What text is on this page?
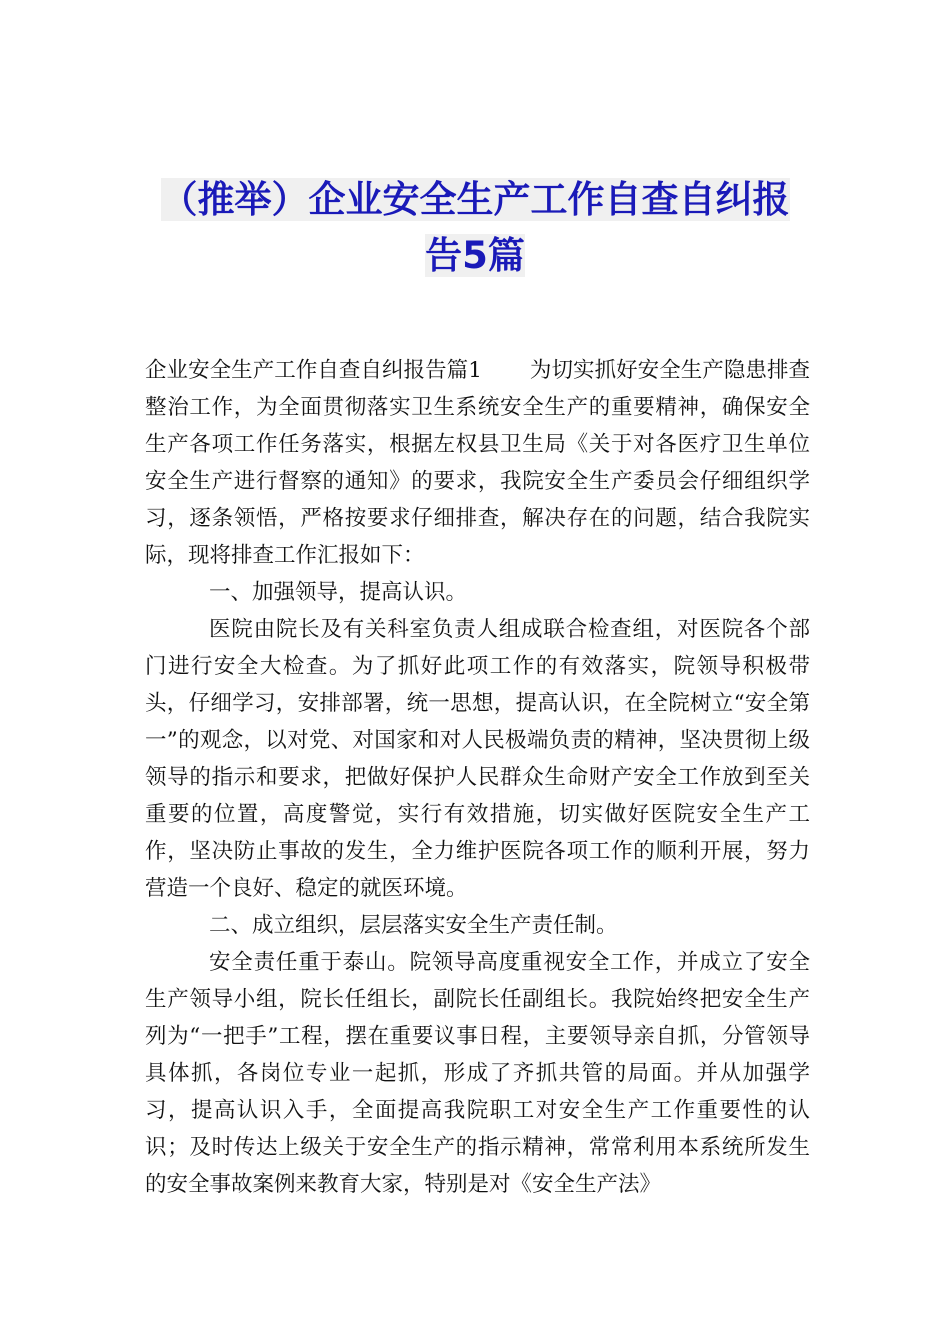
（推举）企业安全生产工作自查自纠报
告5篇

企业安全生产工作自查自纠报告篇1 为切实抓好安全生产隐患排查整治工作，为全面贯彻落实卫生系统安全生产的重要精神，确保安全生产各项工作任务落实，根据左权县卫生局《关于对各医疗卫生单位安全生产进行督察的通知》的要求，我院安全生产委员会仔细组织学习，逐条领悟，严格按要求仔细排查，解决存在的问题，结合我院实际，现将排查工作汇报如下：

一、加强领导，提高认识。

医院由院长及有关科室负责人组成联合检查组，对医院各个部门进行安全大检查。为了抓好此项工作的有效落实，院领导积极带头，仔细学习，安排部署，统一思想，提高认识，在全院树立“安全第一”的观念，以对党、对国家和对人民极端负责的精神，坚决贯彻上级领导的指示和要求，把做好保护人民群众生命财产安全工作放到至关重要的位置，高度警觉，实行有效措施，切实做好医院安全生产工作，坚决防止事故的发生，全力维护医院各项工作的顺利开展，努力营造一个良好、稳定的就医环境。

二、成立组织，层层落实安全生产责任制。

安全责任重于泰山。院领导高度重视安全工作，并成立了安全生产领导小组，院长任组长，副院长任副组长。我院始终把安全生产列为“一把手”工程，摆在重要议事日程，主要领导亲自抓，分管领导具体抓，各岗位专业一起抓，形成了齐抓共管的局面。并从加强学习，提高认识入手，全面提高我院职工对安全生产工作重要性的认识；及时传达上级关于安全生产的指示精神，常常利用本系统所发生的安全事故案例来教育大家，特别是对《安全生产法》
